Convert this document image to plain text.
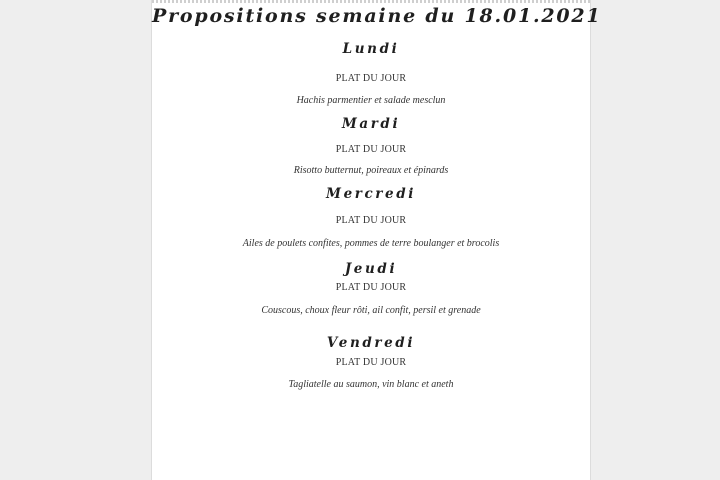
Propositions semaine du 18.01.2021
Lundi
PLAT DU JOUR
Hachis parmentier et salade mesclun
Mardi
PLAT DU JOUR
Risotto butternut, poireaux et épinards
Mercredi
PLAT DU JOUR
Ailes de poulets confites, pommes de terre boulanger et brocolis
Jeudi
PLAT DU JOUR
Couscous, choux fleur rôti, ail confit, persil et grenade
Vendredi
PLAT DU JOUR
Tagliatelle au saumon, vin blanc et aneth
